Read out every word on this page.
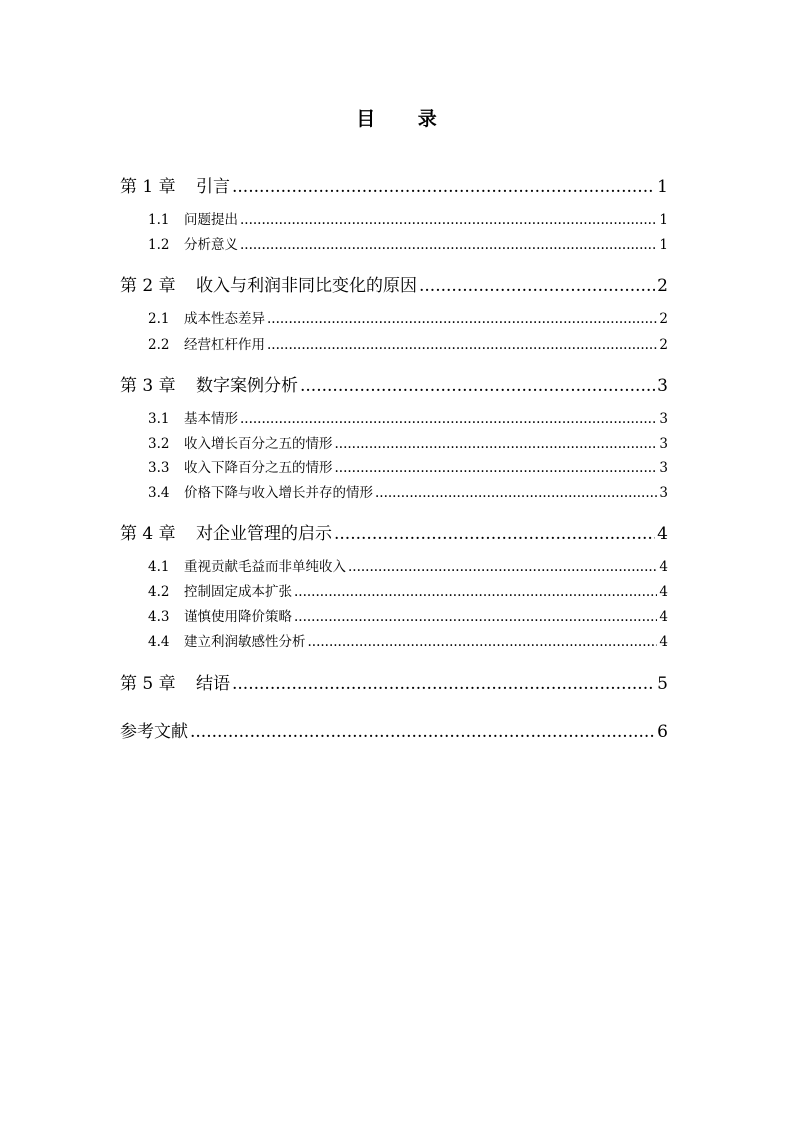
目 录
第 1 章	引言 .....	1
1.1	问题提出 .....	1
1.2	分析意义 .....	1
第 2 章	收入与利润非同比变化的原因 .....	2
2.1	成本性态差异 .....	2
2.2	经营杠杆作用 .....	2
第 3 章	数字案例分析 .....	3
3.1	基本情形 .....	3
3.2	收入增长百分之五的情形 .....	3
3.3	收入下降百分之五的情形 .....	3
3.4	价格下降与收入增长并存的情形 .....	3
第 4 章	对企业管理的启示 .....	4
4.1	重视贡献毛益而非单纯收入 .....	4
4.2	控制固定成本扩张 .....	4
4.3	谨慎使用降价策略 .....	4
4.4	建立利润敏感性分析 .....	4
第 5 章	结语 .....	5
参考文献 .....	6
